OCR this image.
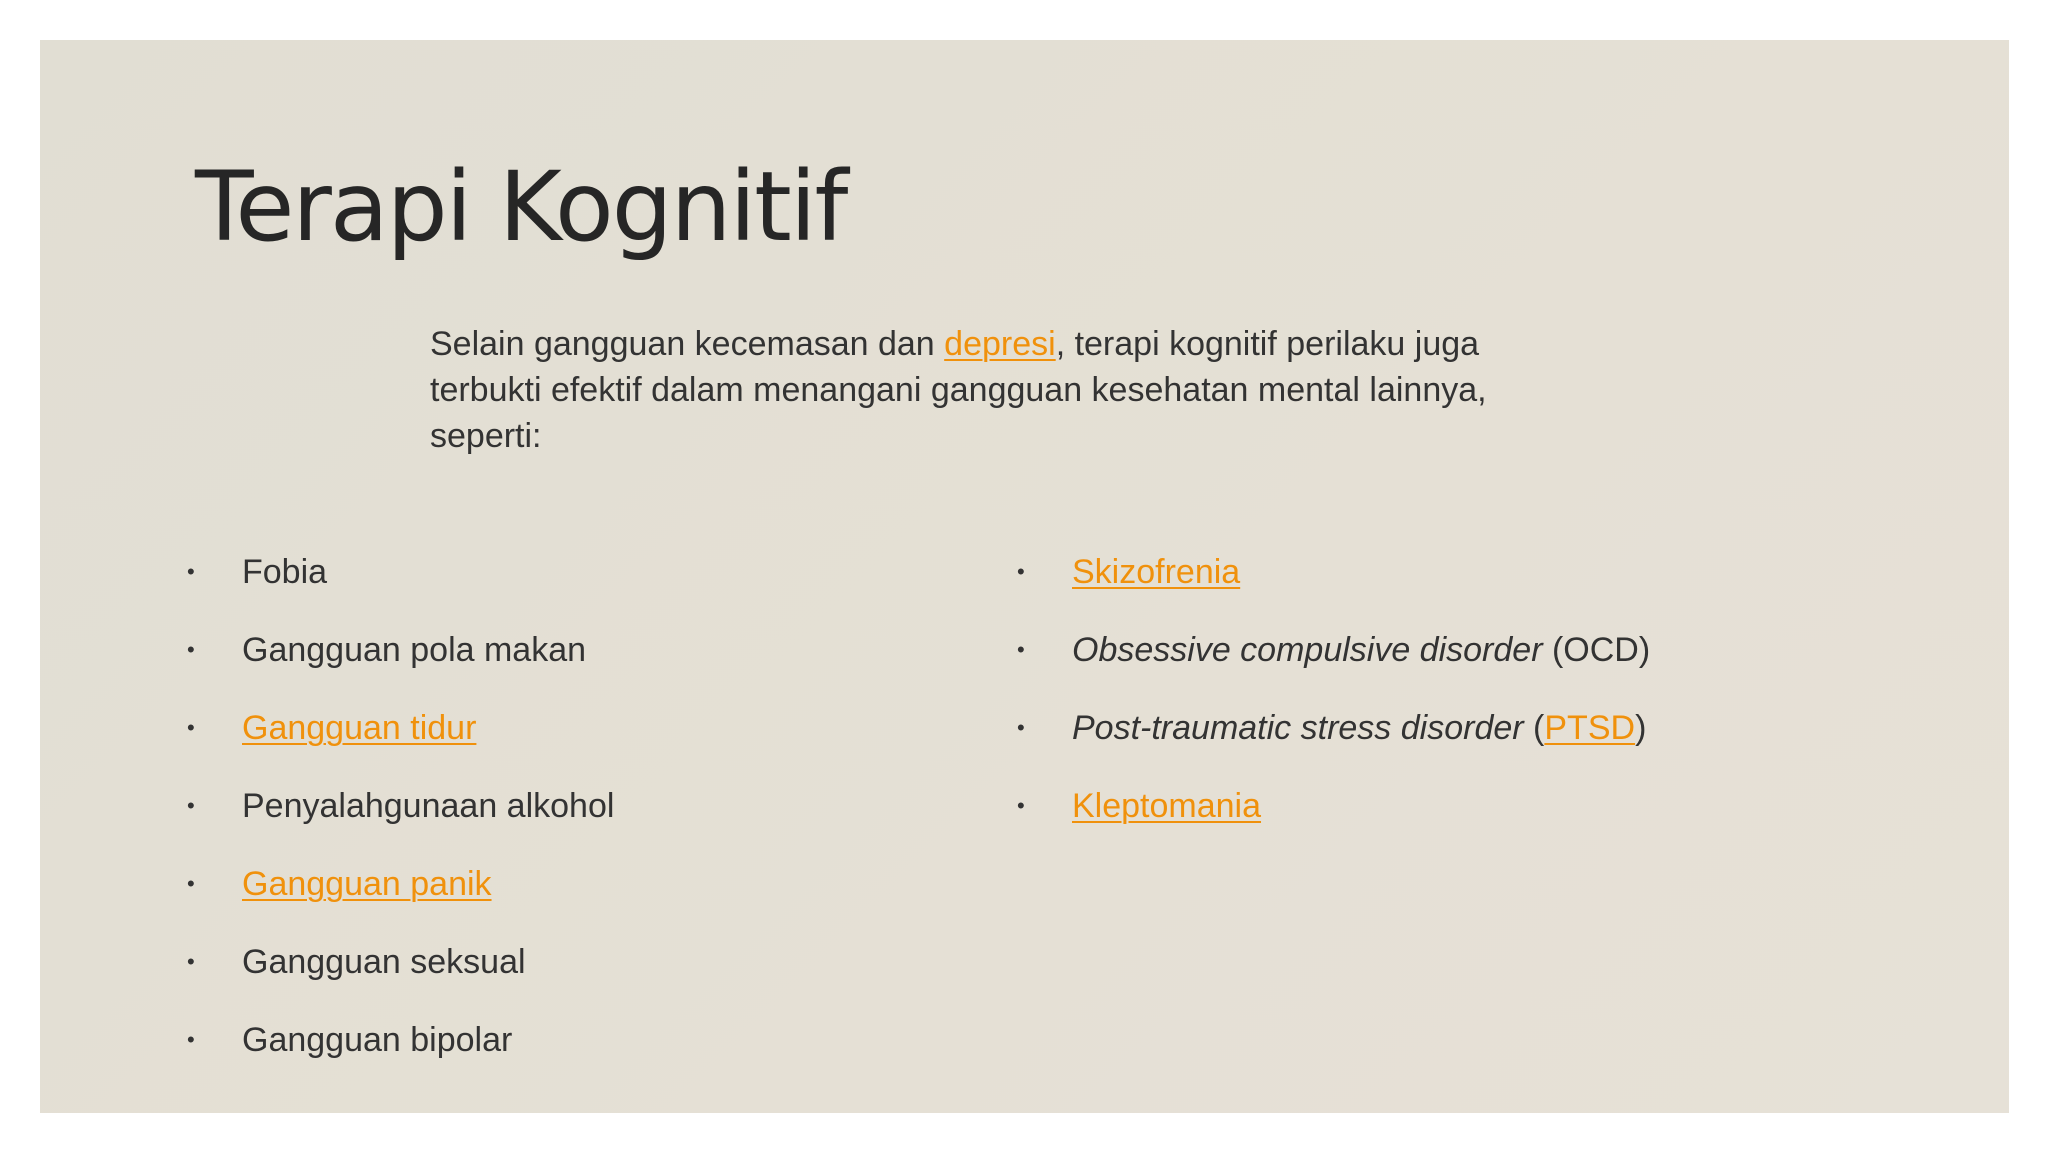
Terapi Kognitif

Selain gangguan kecemasan dan depresi, terapi kognitif perilaku juga terbukti efektif dalam menangani gangguan kesehatan mental lainnya, seperti:

• Fobia
• Gangguan pola makan
• Gangguan tidur
• Penyalahgunaan alkohol
• Gangguan panik
• Gangguan seksual
• Gangguan bipolar
• Skizofrenia
• Obsessive compulsive disorder (OCD)
• Post-traumatic stress disorder (PTSD)
• Kleptomania
